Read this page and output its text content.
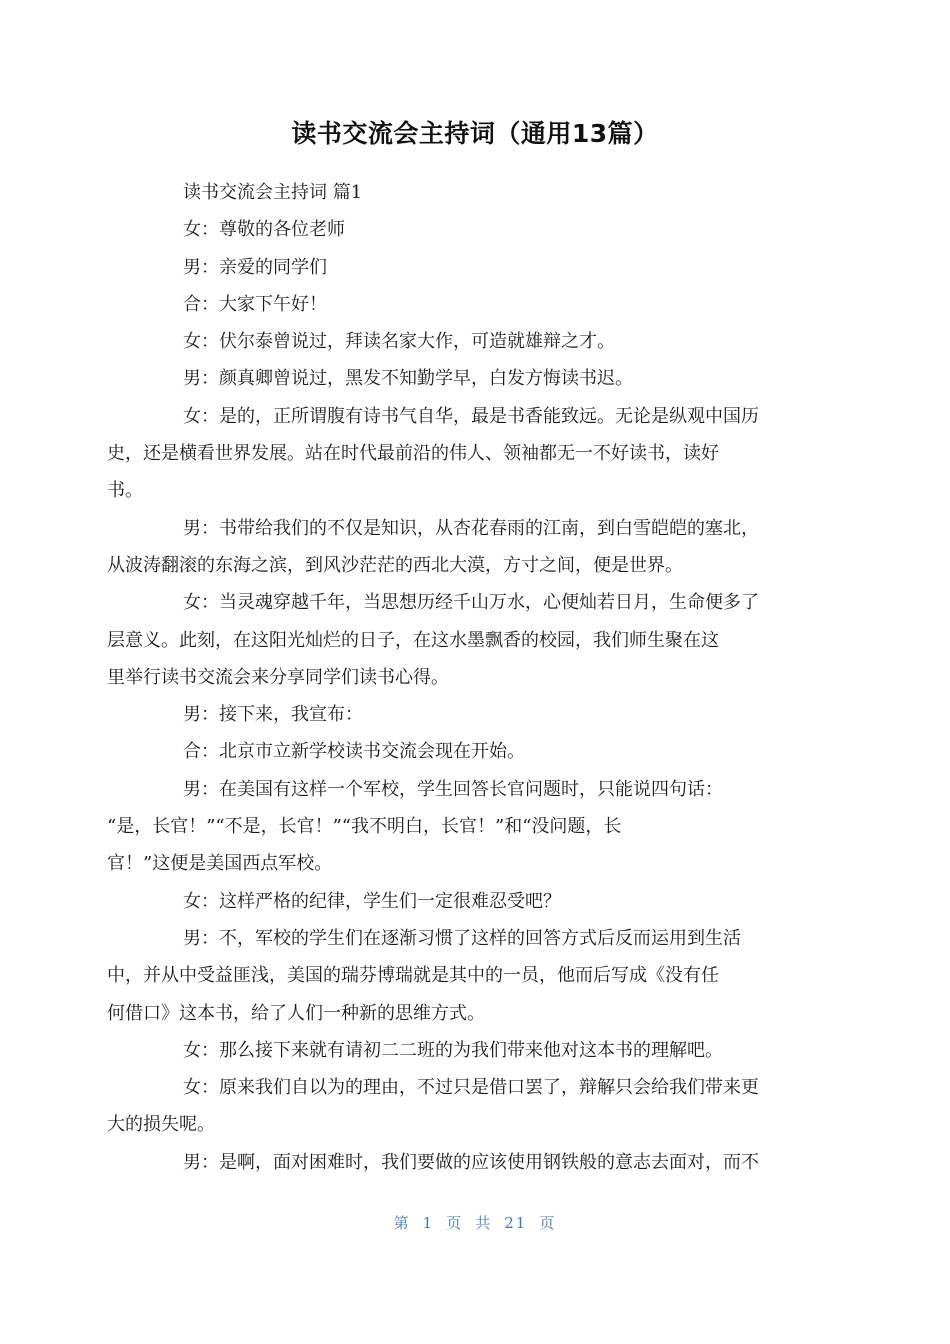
读书交流会主持词（通用13篇）
读书交流会主持词 篇1
女：尊敬的各位老师
男：亲爱的同学们
合：大家下午好！
女：伏尔泰曾说过，拜读名家大作，可造就雄辩之才。
男：颜真卿曾说过，黑发不知勤学早，白发方悔读书迟。
女：是的，正所谓腹有诗书气自华，最是书香能致远。无论是纵观中国历
史，还是横看世界发展。站在时代最前沿的伟人、领袖都无一不好读书，读好
书。
男：书带给我们的不仅是知识，从杏花春雨的江南，到白雪皑皑的塞北，
从波涛翻滚的东海之滨，到风沙茫茫的西北大漠，方寸之间，便是世界。
女：当灵魂穿越千年，当思想历经千山万水，心便灿若日月，生命便多了
层意义。此刻，在这阳光灿烂的日子，在这水墨飘香的校园，我们师生聚在这
里举行读书交流会来分享同学们读书心得。
男：接下来，我宣布：
合：北京市立新学校读书交流会现在开始。
男：在美国有这样一个军校，学生回答长官问题时，只能说四句话：
“是，长官！”“不是，长官！”“我不明白，长官！”和“没问题，长
官！”这便是美国西点军校。
女：这样严格的纪律，学生们一定很难忍受吧？
男：不，军校的学生们在逐渐习惯了这样的回答方式后反而运用到生活
中，并从中受益匪浅，美国的瑞芬博瑞就是其中的一员，他而后写成《没有任
何借口》这本书，给了人们一种新的思维方式。
女：那么接下来就有请初二二班的为我们带来他对这本书的理解吧。
女：原来我们自以为的理由，不过只是借口罢了，辩解只会给我们带来更
大的损失呢。
男：是啊，面对困难时，我们要做的应该使用钢铁般的意志去面对，而不
第 1 页 共 21 页
